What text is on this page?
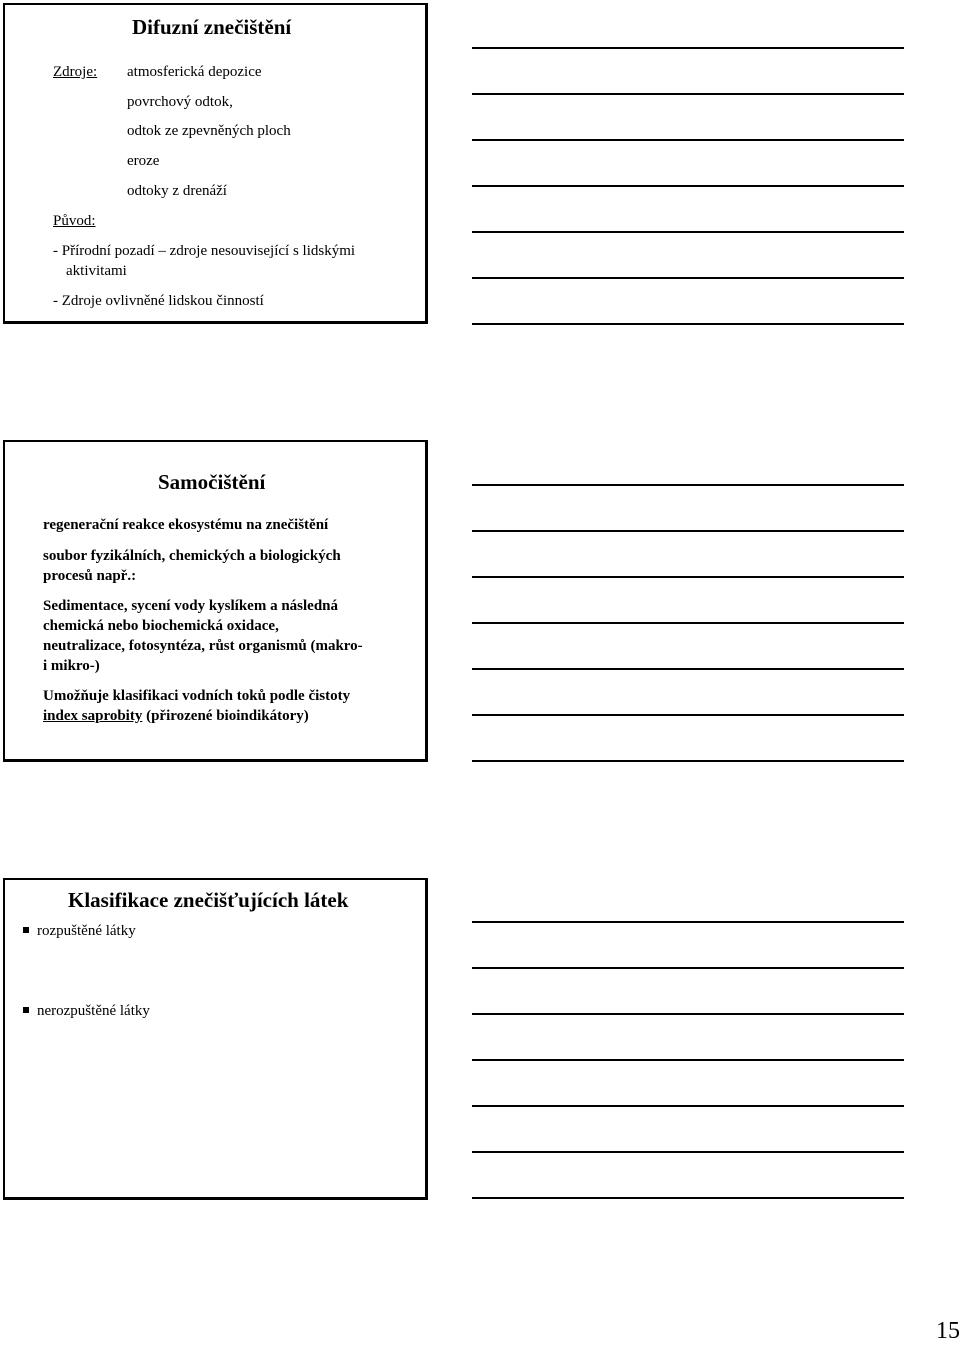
Difuzní znečištění
Zdroje: atmosferická depozice
povrchový odtok,
odtok ze zpevněných ploch
eroze
odtoky z drenáží
Původ:
- Přírodní pozadí – zdroje nesouvisející s lidskými
aktivitami
- Zdroje ovlivněné lidskou činností
Samočištění
regenerační reakce ekosystému na znečištění
soubor fyzikálních, chemických a biologických
procesů např.:
Sedimentace, sycení vody kyslíkem a následná
chemická nebo biochemická oxidace,
neutralizace, fotosyntéza, růst organismů (makro-
i mikro-)
Umožňuje klasifikaci vodních toků podle čistoty
index saprobity (přirozené bioindikátory)
Klasifikace znečišťujících látek
rozpuštěné látky
nerozpuštěné látky
15
